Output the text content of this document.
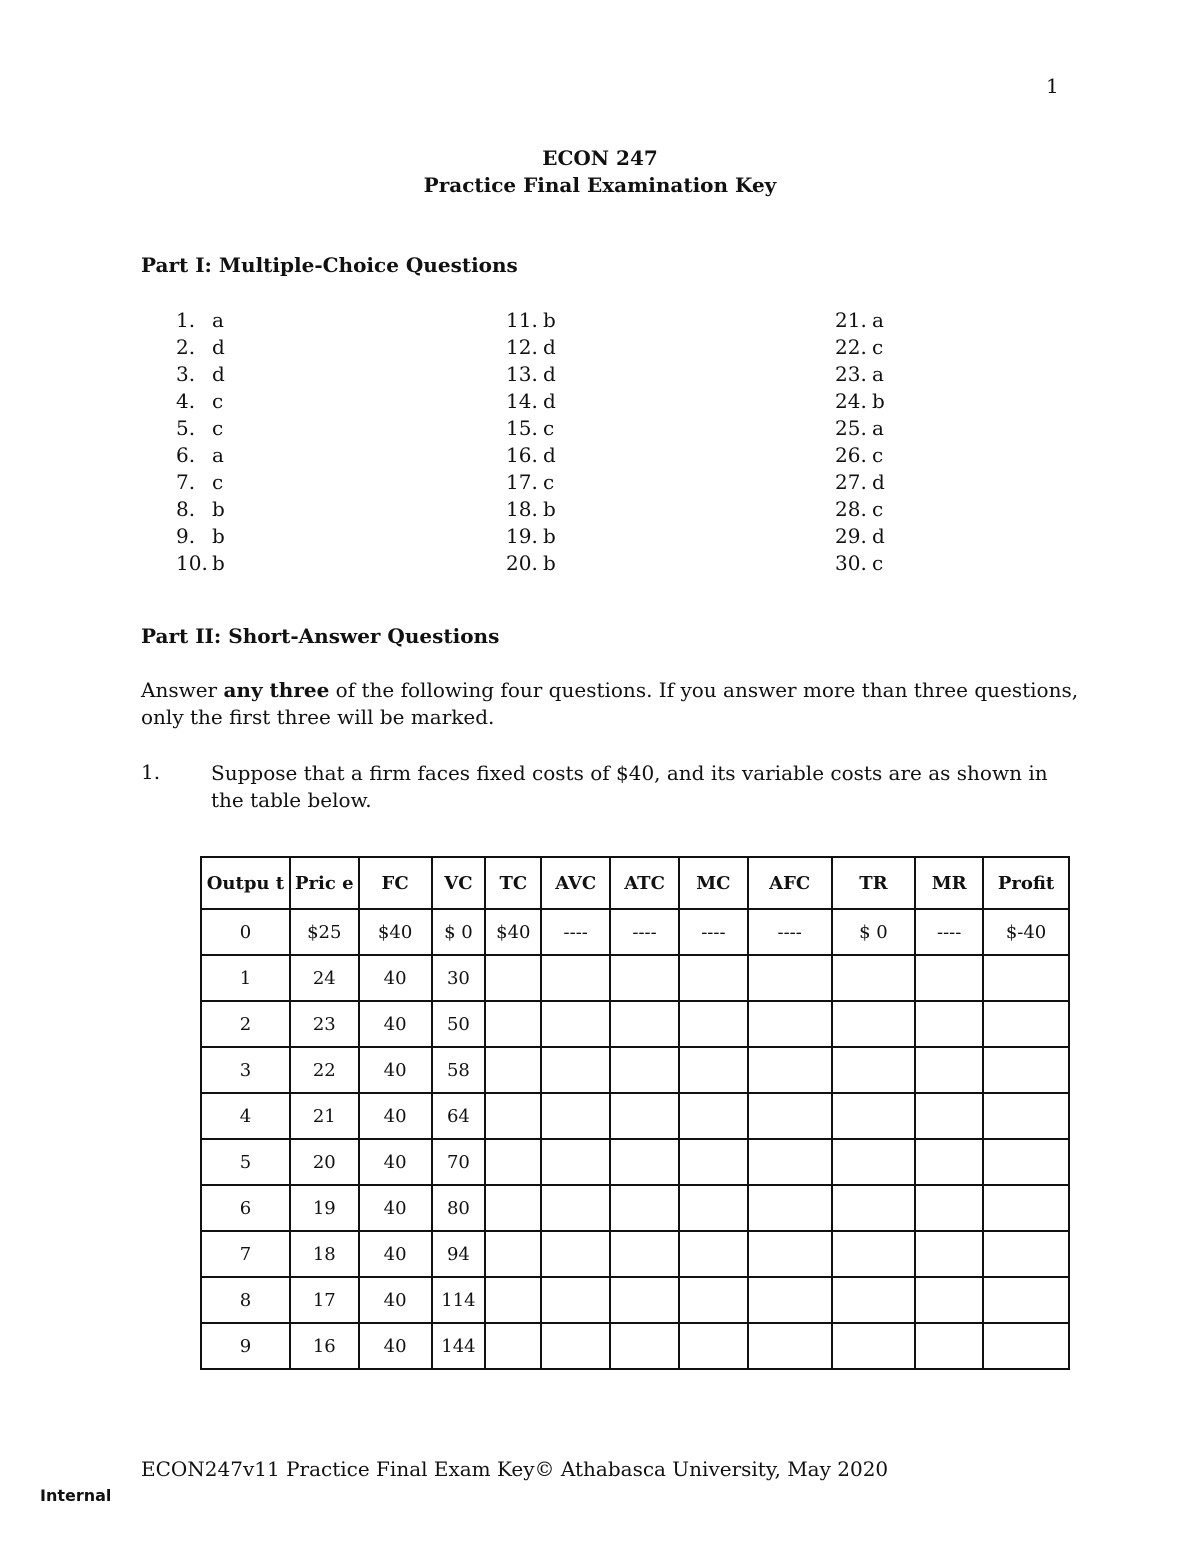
1
ECON 247
Practice Final Examination Key
Part I: Multiple-Choice Questions
1. a
2. d
3. d
4. c
5. c
6. a
7. c
8. b
9. b
10. b
11. b
12. d
13. d
14. d
15. c
16. d
17. c
18. b
19. b
20. b
21. a
22. c
23. a
24. b
25. a
26. c
27. d
28. c
29. d
30. c
Part II: Short-Answer Questions
Answer any three of the following four questions. If you answer more than three questions, only the first three will be marked.
1.	Suppose that a firm faces fixed costs of $40, and its variable costs are as shown in the table below.
Outpu t	Pric e	FC	VC	TC	AVC	ATC	MC	AFC	TR	MR	Profit
0	$25	$40	$ 0	$40	----	----	----	----	$ 0	----	$-40
1	24	40	30								
2	23	40	50								
3	22	40	58								
4	21	40	64								
5	20	40	70								
6	19	40	80								
7	18	40	94								
8	17	40	114								
9	16	40	144								
ECON247v11 Practice Final Exam Key© Athabasca University, May 2020
Internal
